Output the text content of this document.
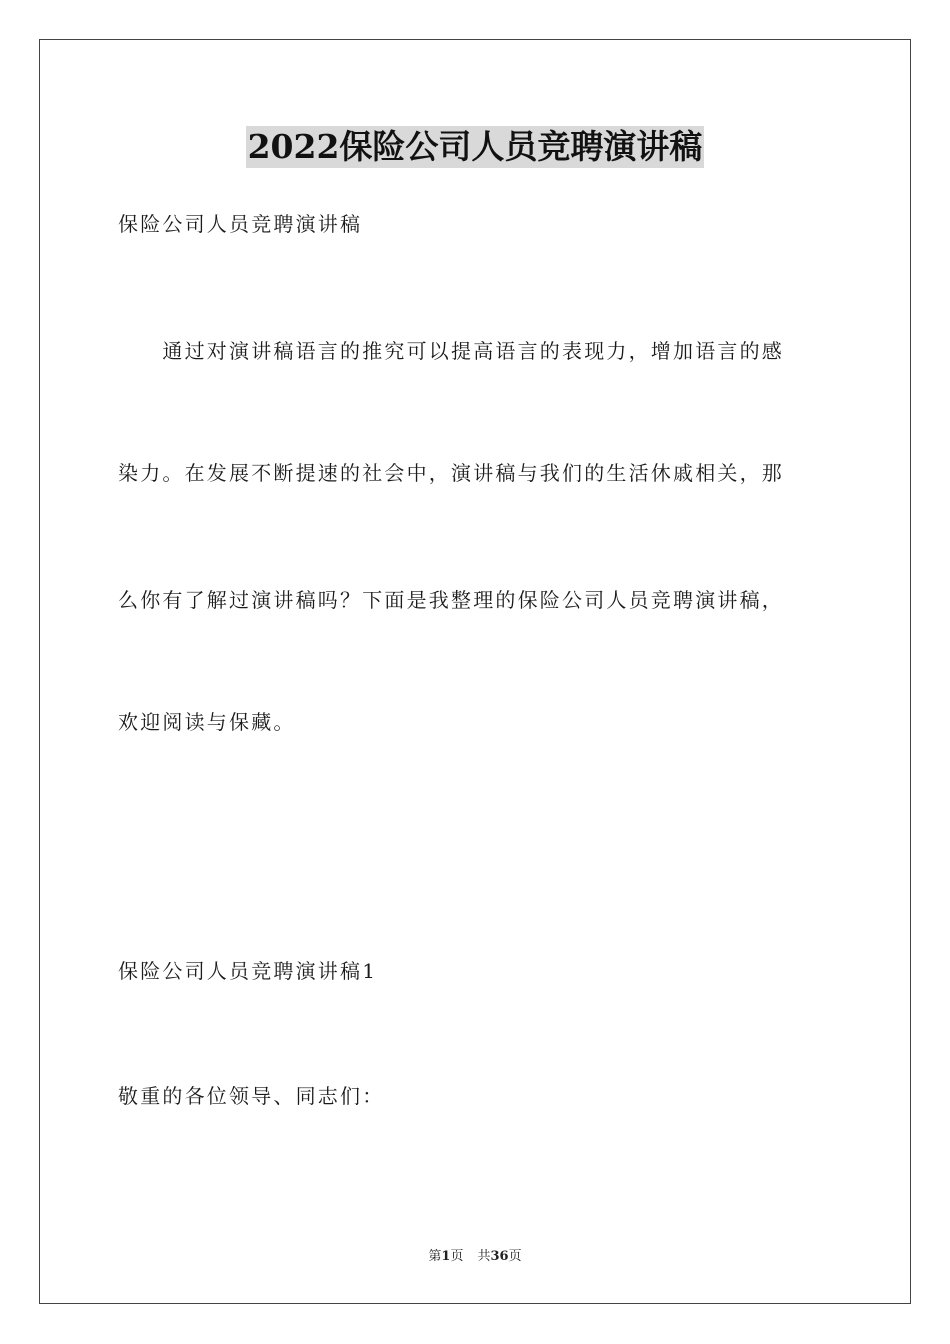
2022保险公司人员竞聘演讲稿

保险公司人员竞聘演讲稿

　　通过对演讲稿语言的推究可以提高语言的表现力，增加语言的感

染力。在发展不断提速的社会中，演讲稿与我们的生活休戚相关，那

么你有了解过演讲稿吗？下面是我整理的保险公司人员竞聘演讲稿，

欢迎阅读与保藏。

保险公司人员竞聘演讲稿1

敬重的各位领导、同志们：

第1页 共36页
